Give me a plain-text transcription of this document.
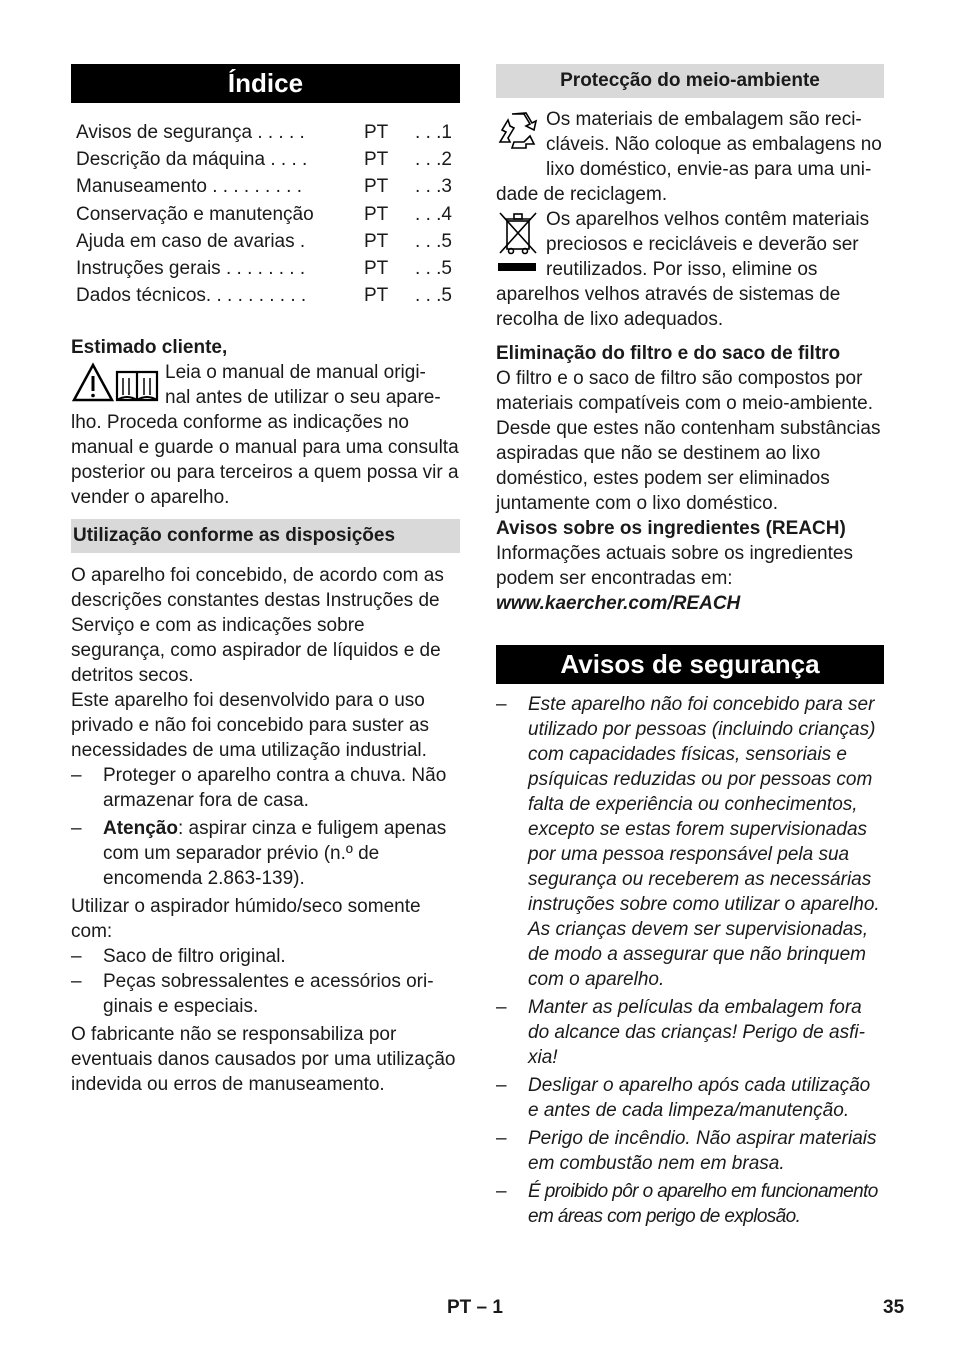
Índice
Avisos de segurança . . . . .	PT	. . .1
Descrição da máquina . . . .	PT	. . .2
Manuseamento . . . . . . . . .	PT	. . .3
Conservação e manutenção	PT	. . .4
Ajuda em caso de avarias .	PT	. . .5
Instruções gerais . . . . . . . .	PT	. . .5
Dados técnicos. . . . . . . . . .	PT	. . .5

Estimado cliente,

Leia o manual de manual origi-

nal antes de utilizar o seu apare-

lho. Proceda conforme as indicações no manual e guarde o manual para uma consulta posterior ou para terceiros a quem possa vir a vender o aparelho.

Utilização conforme as disposições

O aparelho foi concebido, de acordo com as descrições constantes destas Instruções de Serviço e com as indicações sobre segurança, como aspirador de líquidos e de detritos secos.

Este aparelho foi desenvolvido para o uso privado e não foi concebido para suster as necessidades de uma utilização industrial.

– Proteger o aparelho contra a chuva. Não armazenar fora de casa.
– Atenção: aspirar cinza e fuligem apenas com um separador prévio (n.º de encomenda 2.863-139).

Utilizar o aspirador húmido/seco somente com:

– Saco de filtro original.
– Peças sobressalentes e acessórios originais e especiais.

O fabricante não se responsabiliza por eventuais danos causados por uma utilização indevida ou erros de manuseamento.

Protecção do meio-ambiente

Os materiais de embalagem são recicláveis. Não coloque as embalagens no lixo doméstico, envie-as para uma unidade de reciclagem.

Os aparelhos velhos contêm materiais preciosos e recicláveis e deverão ser reutilizados. Por isso, elimine os aparelhos velhos através de sistemas de recolha de lixo adequados.

Eliminação do filtro e do saco de filtro

O filtro e o saco de filtro são compostos por materiais compatíveis com o meio-ambiente. Desde que estes não contenham substâncias aspiradas que não se destinem ao lixo doméstico, estes podem ser eliminados juntamente com o lixo doméstico.

Avisos sobre os ingredientes (REACH)

Informações actuais sobre os ingredientes podem ser encontradas em:

www.kaercher.com/REACH

Avisos de segurança
– Este aparelho não foi concebido para ser utilizado por pessoas (incluindo crianças) com capacidades físicas, sensoriais e psíquicas reduzidas ou por pessoas com falta de experiência ou conhecimentos, excepto se estas forem supervisionadas por uma pessoa responsável pela sua segurança ou receberem as necessárias instruções sobre como utilizar o aparelho. As crianças devem ser supervisionadas, de modo a assegurar que não brinquem com o aparelho.
– Manter as películas da embalagem fora do alcance das crianças! Perigo de asfixia!
– Desligar o aparelho após cada utilização e antes de cada limpeza/manutenção.
– Perigo de incêndio. Não aspirar materiais em combustão nem em brasa.
– É proibido pôr o aparelho em funcionamento em áreas com perigo de explosão.
PT – 1	35
